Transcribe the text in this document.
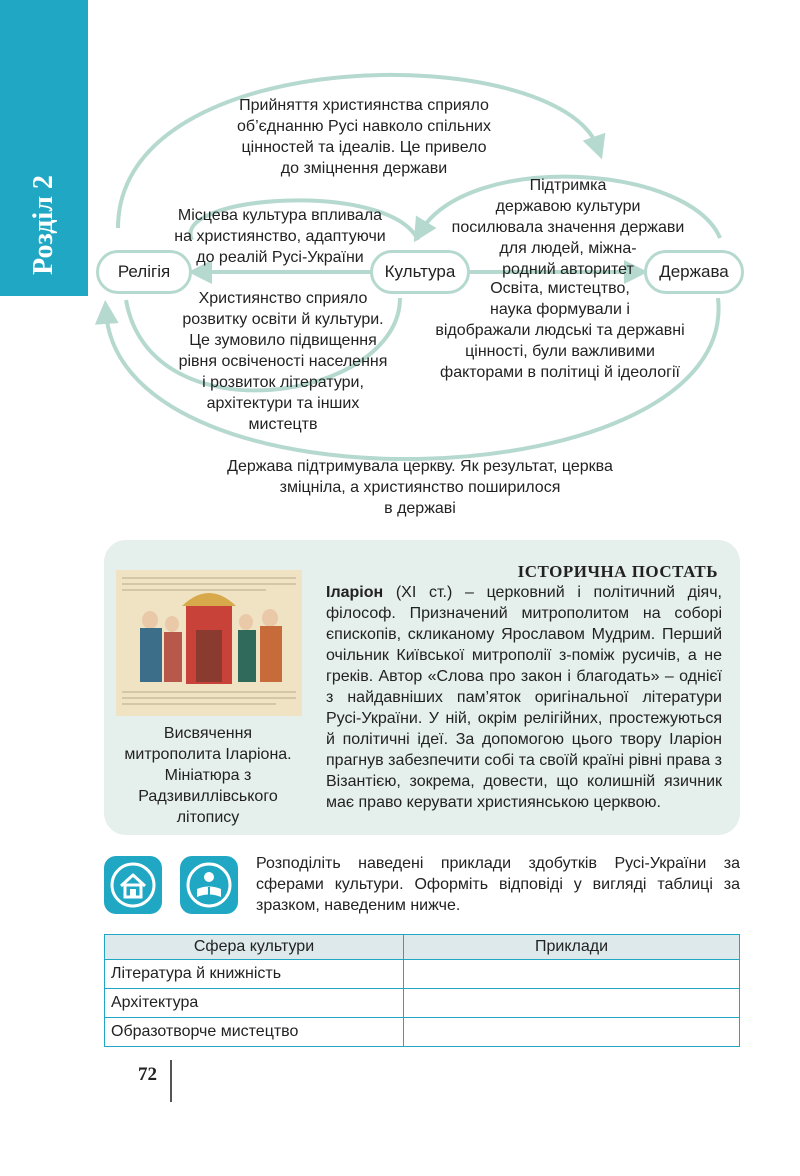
Розділ 2	Релігія	Культура	Держава
Прийняття християнства сприяло
об’єднанню Русі навколо спільних
цінностей та ідеалів. Це привело
до зміцнення держави
Підтримка
державою культури
посилювала значення держави
для людей, міжна-
родний авторитет
Місцева культура впливала
на християнство, адаптуючи
до реалій Русі-України
Християнство сприяло
розвитку освіти й культури.
Це зумовило підвищення
рівня освіченості населення
і розвиток літератури,
архітектури та інших
мистецтв
Освіта, мистецтво,
наука формували і
відображали людські та державні
цінності, були важливими
факторами в політиці й ідеології
Держава підтримувала церкву. Як результат, церква
зміцніла, а християнство поширилося
в державі
ІСТОРИЧНА ПОСТАТЬ
Висвячення
митрополита Іларіона.
Мініатюра з
Радзивиллівського
літопису
Іларіон (XI ст.) – церковний і політичний діяч, філософ. Призначений митрополитом на соборі єпископів, скликаному Ярославом Мудрим. Перший очільник Київської митрополії з-поміж русичів, а не греків. Автор «Слова про закон і благодать» – однієї з найдавніших пам’яток оригінальної літератури Русі-України. У ній, окрім релігійних, простежуються й політичні ідеї. За допомогою цього твору Іларіон прагнув забезпечити собі та своїй країні рівні права з Візантією, зокрема, довести, що колишній язичник має право керувати християнською церквою.
Розподіліть наведені приклади здобутків Русі-України за сферами культури. Оформіть відповіді у вигляді таблиці за зразком, наведеним нижче.
Сфера культури	Приклади
Література й книжність	
Архітектура	
Образотворче мистецтво	
72
